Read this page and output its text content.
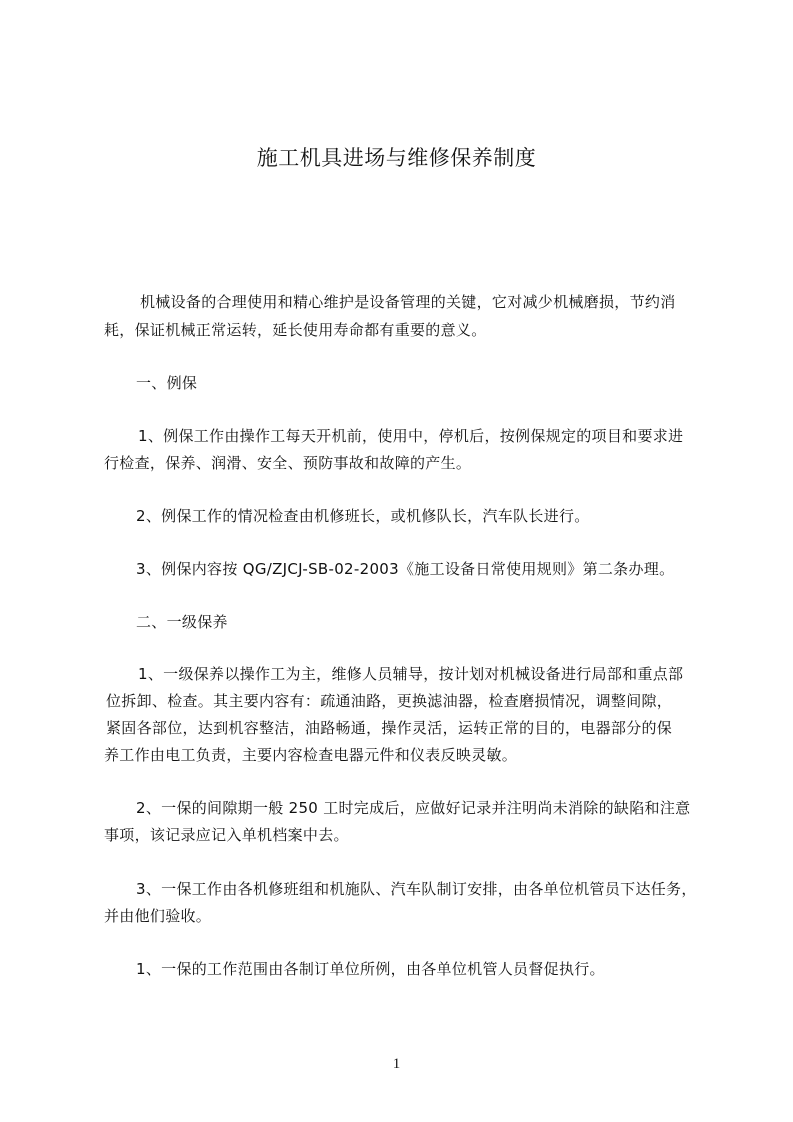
施工机具进场与维修保养制度
机械设备的合理使用和精心维护是设备管理的关键，它对减少机械磨损，节约消
耗，保证机械正常运转，延长使用寿命都有重要的意义。
一、例保
1、例保工作由操作工每天开机前，使用中，停机后，按例保规定的项目和要求进
行检查，保养、润滑、安全、预防事故和故障的产生。
2、例保工作的情况检查由机修班长，或机修队长，汽车队长进行。
3、例保内容按 QG/ZJCJ-SB-02-2003《施工设备日常使用规则》第二条办理。
二、一级保养
1、一级保养以操作工为主，维修人员辅导，按计划对机械设备进行局部和重点部
位拆卸、检查。其主要内容有：疏通油路，更换滤油器，检查磨损情况，调整间隙，
紧固各部位，达到机容整洁，油路畅通，操作灵活，运转正常的目的，电器部分的保
养工作由电工负责，主要内容检查电器元件和仪表反映灵敏。
2、一保的间隙期一般 250 工时完成后，应做好记录并注明尚未消除的缺陷和注意
事项，该记录应记入单机档案中去。
3、一保工作由各机修班组和机施队、汽车队制订安排，由各单位机管员下达任务，
并由他们验收。
1、一保的工作范围由各制订单位所例，由各单位机管人员督促执行。
1
